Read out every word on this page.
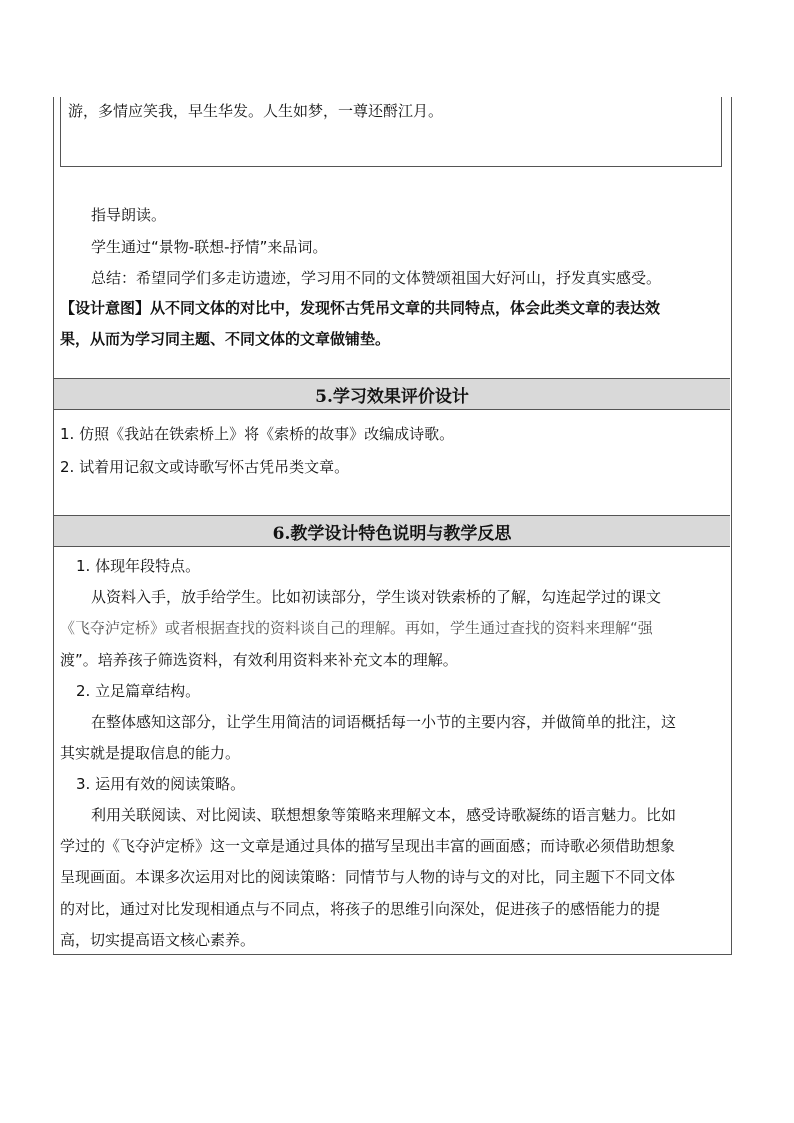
游，多情应笑我，早生华发。人生如梦，一尊还酹江月。
指导朗读。
学生通过“景物-联想-抒情”来品词。
总结：希望同学们多走访遗迹，学习用不同的文体赞颂祖国大好河山，抒发真实感受。
【设计意图】从不同文体的对比中，发现怀古凭吊文章的共同特点，体会此类文章的表达效
果，从而为学习同主题、不同文体的文章做铺垫。
5.学习效果评价设计
1. 仿照《我站在铁索桥上》将《索桥的故事》改编成诗歌。
2. 试着用记叙文或诗歌写怀古凭吊类文章。
6.教学设计特色说明与教学反思
1. 体现年段特点。
从资料入手，放手给学生。比如初读部分，学生谈对铁索桥的了解，勾连起学过的课文
《飞夺泸定桥》或者根据查找的资料谈自己的理解。再如，学生通过查找的资料来理解“强
渡”。培养孩子筛选资料，有效利用资料来补充文本的理解。
2. 立足篇章结构。
在整体感知这部分，让学生用简洁的词语概括每一小节的主要内容，并做简单的批注，这
其实就是提取信息的能力。
3. 运用有效的阅读策略。
利用关联阅读、对比阅读、联想想象等策略来理解文本，感受诗歌凝练的语言魅力。比如
学过的《飞夺泸定桥》这一文章是通过具体的描写呈现出丰富的画面感；而诗歌必须借助想象
呈现画面。本课多次运用对比的阅读策略：同情节与人物的诗与文的对比，同主题下不同文体
的对比，通过对比发现相通点与不同点，将孩子的思维引向深处，促进孩子的感悟能力的提
高，切实提高语文核心素养。
